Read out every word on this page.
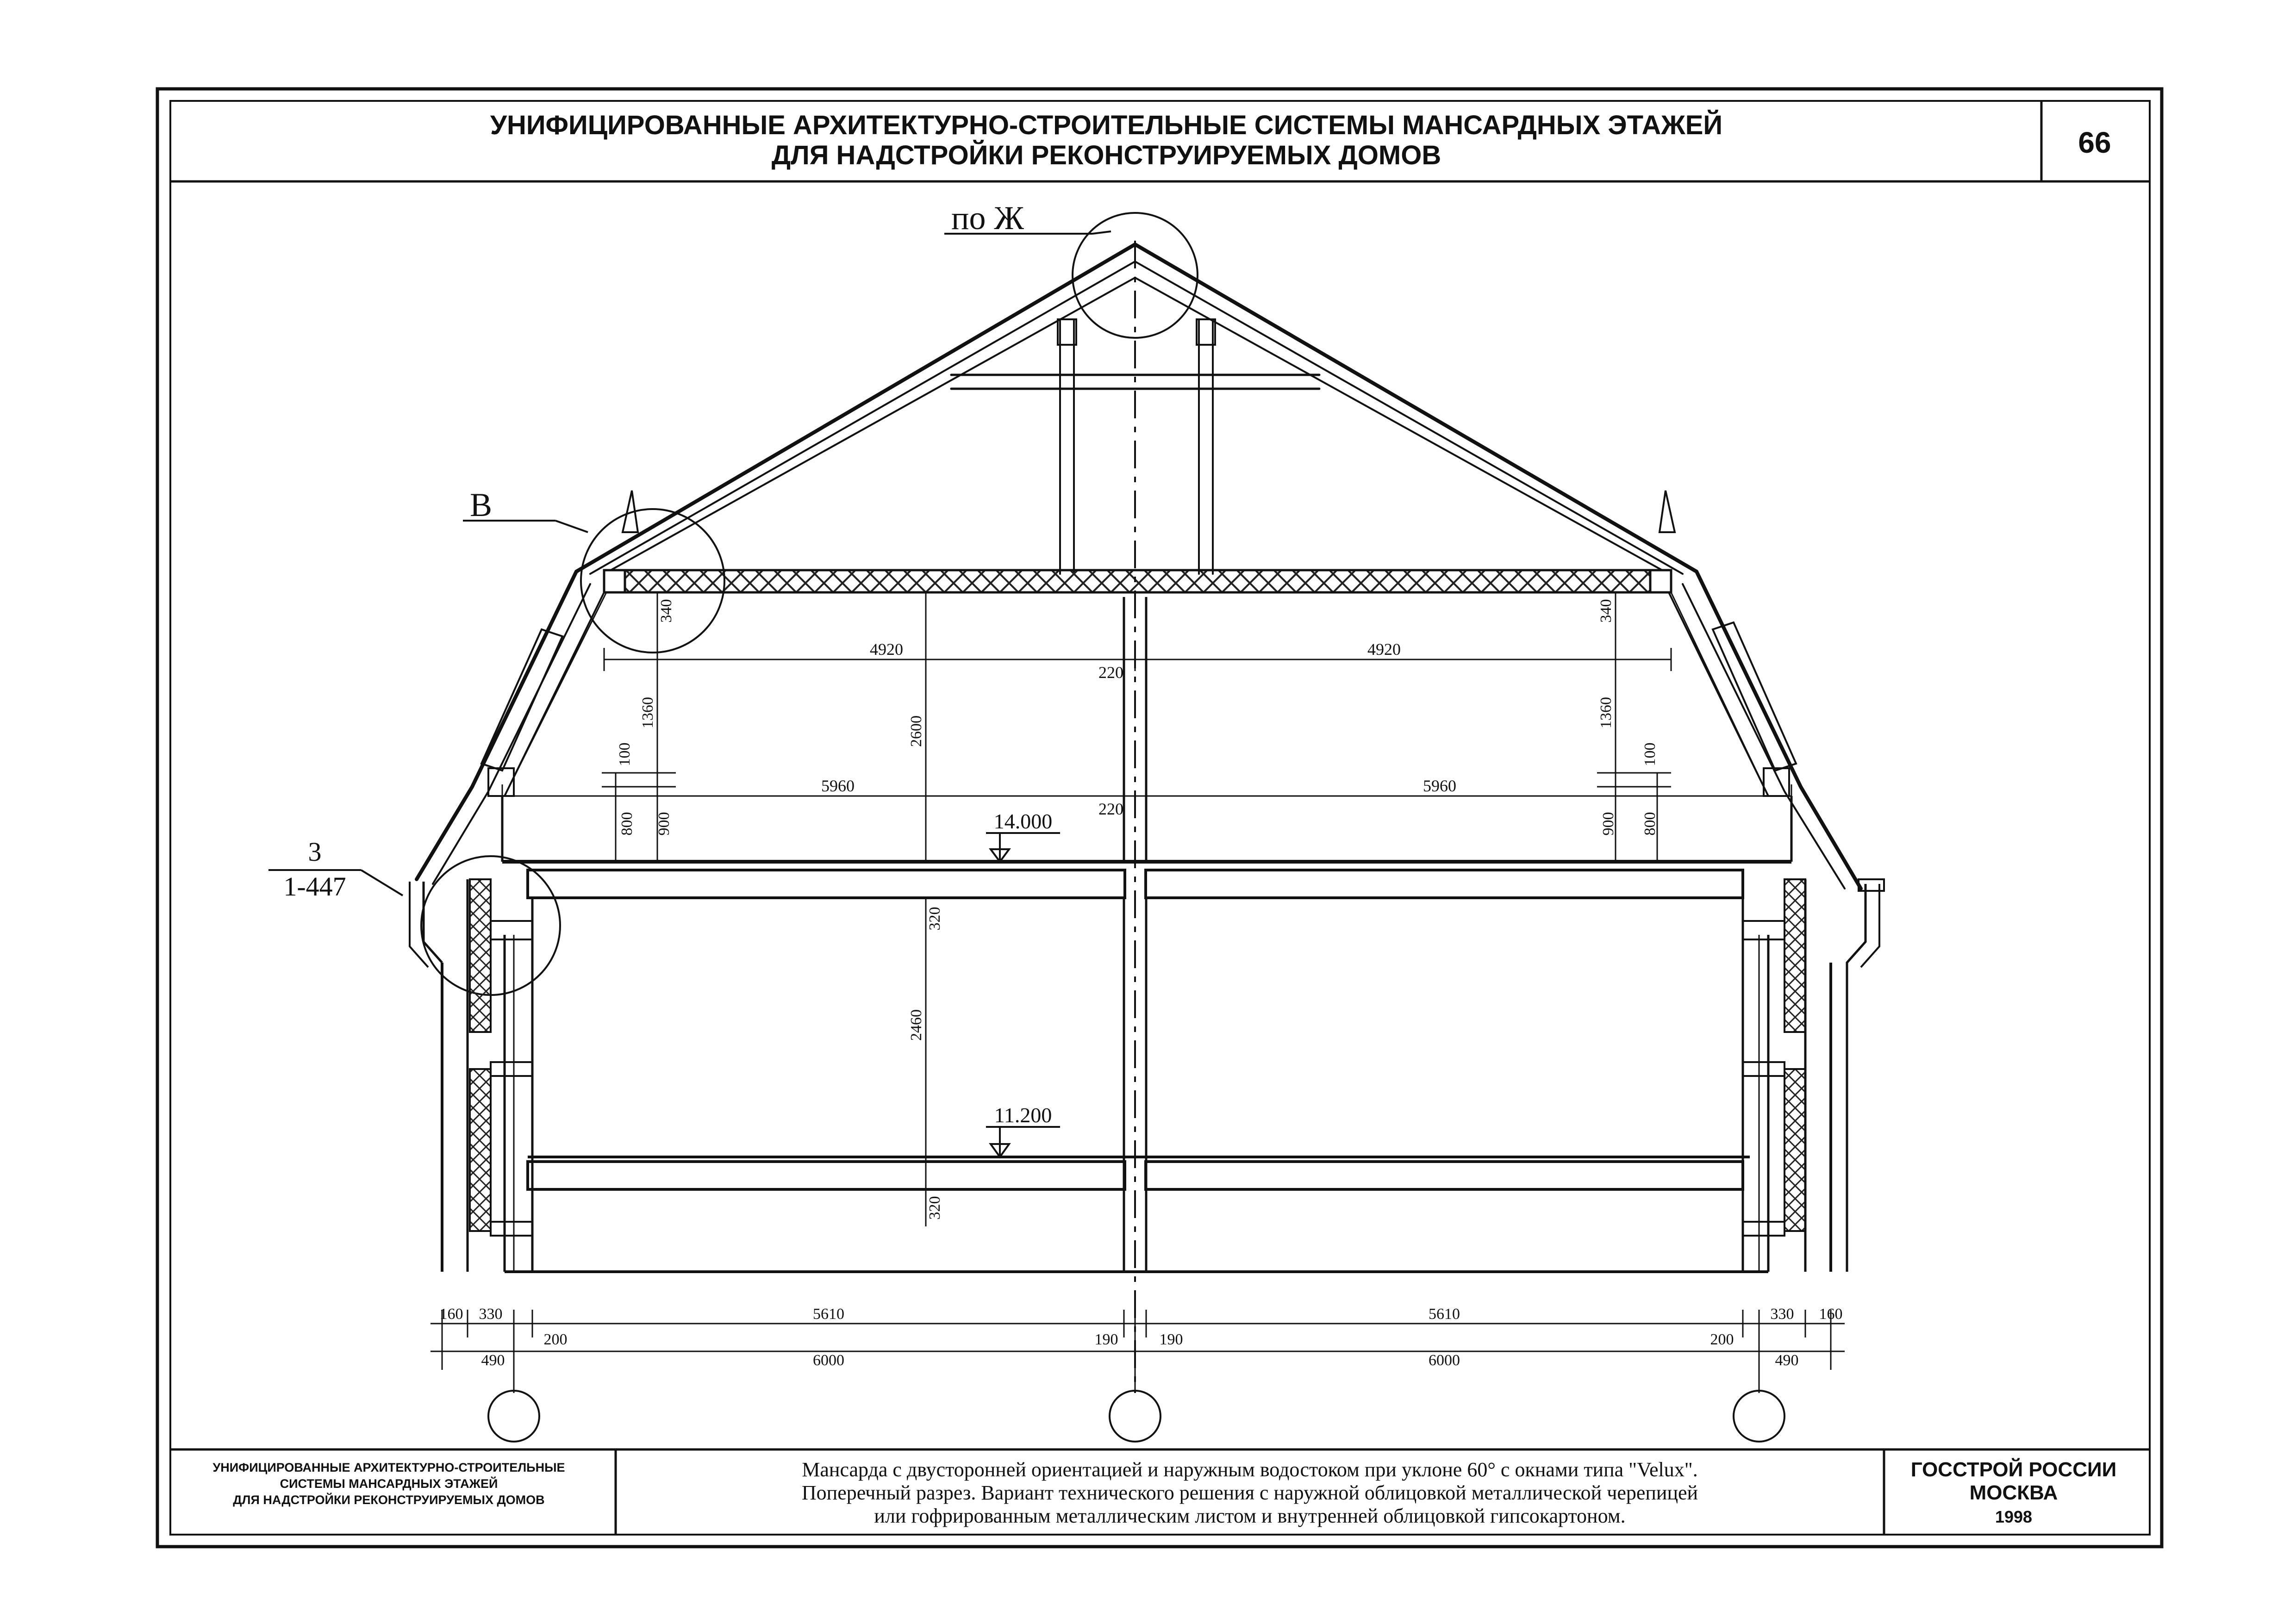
УНИФИЦИРОВАННЫЕ АРХИТЕКТУРНО-СТРОИТЕЛЬНЫЕ СИСТЕМЫ МАНСАРДНЫХ ЭТАЖЕЙ
ДЛЯ НАДСТРОЙКИ РЕКОНСТРУИРУЕМЫХ ДОМОВ	66
УНИФИЦИРОВАННЫЕ АРХИТЕКТУРНО-СТРОИТЕЛЬНЫЕ
СИСТЕМЫ МАНСАРДНЫХ ЭТАЖЕЙ
ДЛЯ НАДСТРОЙКИ РЕКОНСТРУИРУЕМЫХ ДОМОВ
Мансарда с двусторонней ориентацией и наружным водостоком при уклоне 60° с окнами типа "Velux".
Поперечный разрез. Вариант технического решения с наружной облицовкой металлической черепицей
или гофрированным металлическим листом и внутренней облицовкой гипсокартоном.
ГОССТРОЙ РОССИИ
МОСКВА
1998
14.000
11.200
по Ж
В
3
1-447
4920	4920
220
5960	5960
220
340	340
1360	1360
2600
100	100
800 900	900 800
320
2460
320
160 330	5610	5610	330 160
200	190	190	200
490	6000	6000	490
